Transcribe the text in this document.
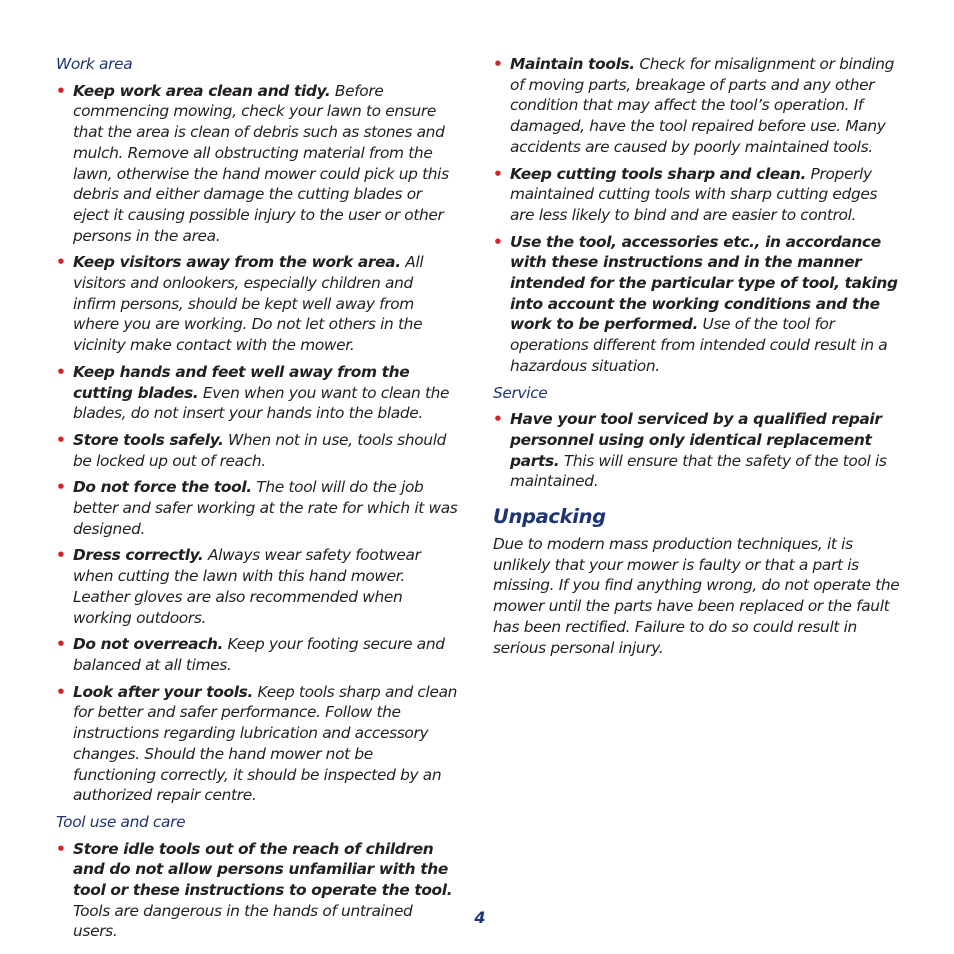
Work area
• Keep work area clean and tidy. Before commencing mowing, check your lawn to ensure that the area is clean of debris such as stones and mulch. Remove all obstructing material from the lawn, otherwise the hand mower could pick up this debris and either damage the cutting blades or eject it causing possible injury to the user or other persons in the area.
• Keep visitors away from the work area. All visitors and onlookers, especially children and infirm persons, should be kept well away from where you are working. Do not let others in the vicinity make contact with the mower.
• Keep hands and feet well away from the cutting blades. Even when you want to clean the blades, do not insert your hands into the blade.
• Store tools safely. When not in use, tools should be locked up out of reach.
• Do not force the tool. The tool will do the job better and safer working at the rate for which it was designed.
• Dress correctly. Always wear safety footwear when cutting the lawn with this hand mower. Leather gloves are also recommended when working outdoors.
• Do not overreach. Keep your footing secure and balanced at all times.
• Look after your tools. Keep tools sharp and clean for better and safer performance. Follow the instructions regarding lubrication and accessory changes. Should the hand mower not be functioning correctly, it should be inspected by an authorized repair centre.
Tool use and care
• Store idle tools out of the reach of children and do not allow persons unfamiliar with the tool or these instructions to operate the tool. Tools are dangerous in the hands of untrained users.
• Maintain tools. Check for misalignment or binding of moving parts, breakage of parts and any other condition that may affect the tool’s operation. If damaged, have the tool repaired before use. Many accidents are caused by poorly maintained tools.
• Keep cutting tools sharp and clean. Properly maintained cutting tools with sharp cutting edges are less likely to bind and are easier to control.
• Use the tool, accessories etc., in accordance with these instructions and in the manner intended for the particular type of tool, taking into account the working conditions and the work to be performed. Use of the tool for operations different from intended could result in a hazardous situation.
Service
• Have your tool serviced by a qualified repair personnel using only identical replacement parts. This will ensure that the safety of the tool is maintained.
Unpacking

Due to modern mass production techniques, it is unlikely that your mower is faulty or that a part is missing. If you find anything wrong, do not operate the mower until the parts have been replaced or the fault has been rectified. Failure to do so could result in serious personal injury.

4
